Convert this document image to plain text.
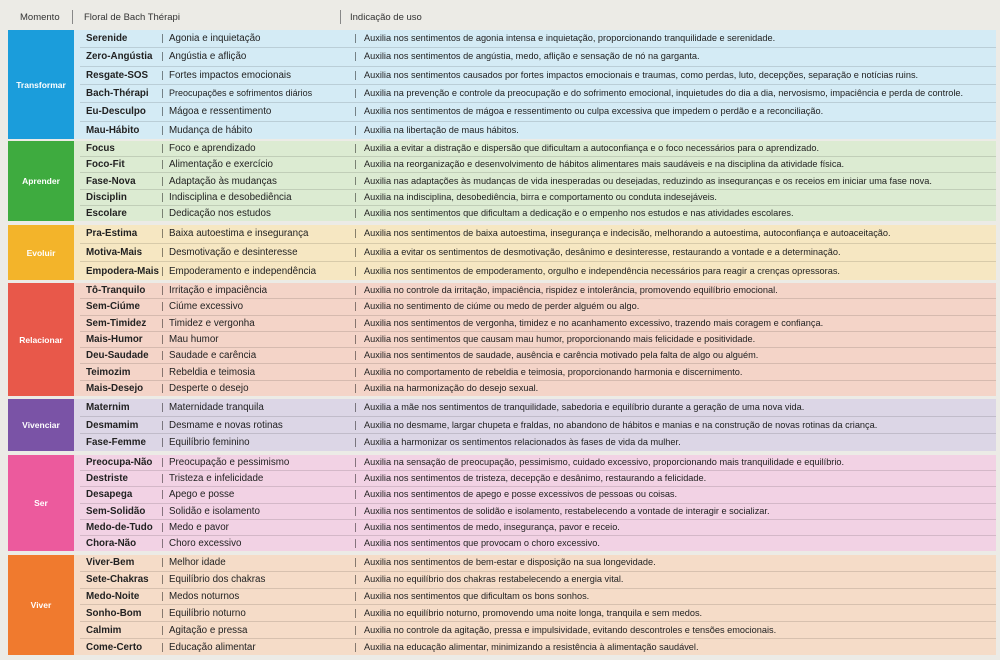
Momento	Floral de Bach Thérapi	Indicação de uso
Transformar
Serenide	Agonia e inquietação	Auxilia nos sentimentos de agonia intensa e inquietação, proporcionando tranquilidade e serenidade.
Zero-Angústia	Angústia e aflição	Auxilia nos sentimentos de angústia, medo, aflição e sensação de nó na garganta.
Resgate-SOS	Fortes impactos emocionais	Auxilia nos sentimentos causados por fortes impactos emocionais e traumas, como perdas, luto, decepções, separação e notícias ruins.
Bach-Thérapi	Preocupações e sofrimentos diários	Auxilia na prevenção e controle da preocupação e do sofrimento emocional, inquietudes do dia a dia, nervosismo, impaciência e perda de controle.
Eu-Desculpo	Mágoa e ressentimento	Auxilia nos sentimentos de mágoa e ressentimento ou culpa excessiva que impedem o perdão e a reconciliação.
Mau-Hábito	Mudança de hábito	Auxilia na libertação de maus hábitos.
Aprender
Focus	Foco e aprendizado	Auxilia a evitar a distração e dispersão que dificultam a autoconfiança e o foco necessários para o aprendizado.
Foco-Fit	Alimentação e exercício	Auxilia na reorganização e desenvolvimento de hábitos alimentares mais saudáveis e na disciplina da atividade física.
Fase-Nova	Adaptação às mudanças	Auxilia nas adaptações às mudanças de vida inesperadas ou desejadas, reduzindo as inseguranças e os receios em iniciar uma fase nova.
Disciplin	Indisciplina e desobediência	Auxilia na indisciplina, desobediência, birra e comportamento ou conduta indesejáveis.
Escolare	Dedicação nos estudos	Auxilia nos sentimentos que dificultam a dedicação e o empenho nos estudos e nas atividades escolares.
Evoluir
Pra-Estima	Baixa autoestima e insegurança	Auxilia nos sentimentos de baixa autoestima, insegurança e indecisão, melhorando a autoestima, autoconfiança e autoaceitação.
Motiva-Mais	Desmotivação e desinteresse	Auxilia a evitar os sentimentos de desmotivação, desânimo e desinteresse, restaurando a vontade e a determinação.
Empodera-Mais	Empoderamento e independência	Auxilia nos sentimentos de empoderamento, orgulho e independência necessários para reagir a crenças opressoras.
Relacionar
Tô-Tranquilo	Irritação e impaciência	Auxilia no controle da irritação, impaciência, rispidez e intolerância, promovendo equilíbrio emocional.
Sem-Ciúme	Ciúme excessivo	Auxilia no sentimento de ciúme ou medo de perder alguém ou algo.
Sem-Timidez	Timidez e vergonha	Auxilia nos sentimentos de vergonha, timidez e no acanhamento excessivo, trazendo mais coragem e confiança.
Mais-Humor	Mau humor	Auxilia nos sentimentos que causam mau humor, proporcionando mais felicidade e positividade.
Deu-Saudade	Saudade e carência	Auxilia nos sentimentos de saudade, ausência e carência motivado pela falta de algo ou alguém.
Teimozim	Rebeldia e teimosia	Auxilia no comportamento de rebeldia e teimosia, proporcionando harmonia e discernimento.
Mais-Desejo	Desperte o desejo	Auxilia na harmonização do desejo sexual.
Vivenciar
Maternim	Maternidade tranquila	Auxilia a mãe nos sentimentos de tranquilidade, sabedoria e equilíbrio durante a geração de uma nova vida.
Desmamim	Desmame e novas rotinas	Auxilia no desmame, largar chupeta e fraldas, no abandono de hábitos e manias e na construção de novas rotinas da criança.
Fase-Femme	Equilíbrio feminino	Auxilia a harmonizar os sentimentos relacionados às fases de vida da mulher.
Ser
Preocupa-Não	Preocupação e pessimismo	Auxilia na sensação de preocupação, pessimismo, cuidado excessivo, proporcionando mais tranquilidade e equilíbrio.
Destriste	Tristeza e infelicidade	Auxilia nos sentimentos de tristeza, decepção e desânimo, restaurando a felicidade.
Desapega	Apego e posse	Auxilia nos sentimentos de apego e posse excessivos de pessoas ou coisas.
Sem-Solidão	Solidão e isolamento	Auxilia nos sentimentos de solidão e isolamento, restabelecendo a vontade de interagir e socializar.
Medo-de-Tudo	Medo e pavor	Auxilia nos sentimentos de medo, insegurança, pavor e receio.
Chora-Não	Choro excessivo	Auxilia nos sentimentos que provocam o choro excessivo.
Viver
Viver-Bem	Melhor idade	Auxilia nos sentimentos de bem-estar e disposição na sua longevidade.
Sete-Chakras	Equilíbrio dos chakras	Auxilia no equilíbrio dos chakras restabelecendo a energia vital.
Medo-Noite	Medos noturnos	Auxilia nos sentimentos que dificultam os bons sonhos.
Sonho-Bom	Equilíbrio noturno	Auxilia no equilíbrio noturno, promovendo uma noite longa, tranquila e sem medos.
Calmim	Agitação e pressa	Auxilia no controle da agitação, pressa e impulsividade, evitando descontroles e tensões emocionais.
Come-Certo	Educação alimentar	Auxilia na educação alimentar, minimizando a resistência à alimentação saudável.
